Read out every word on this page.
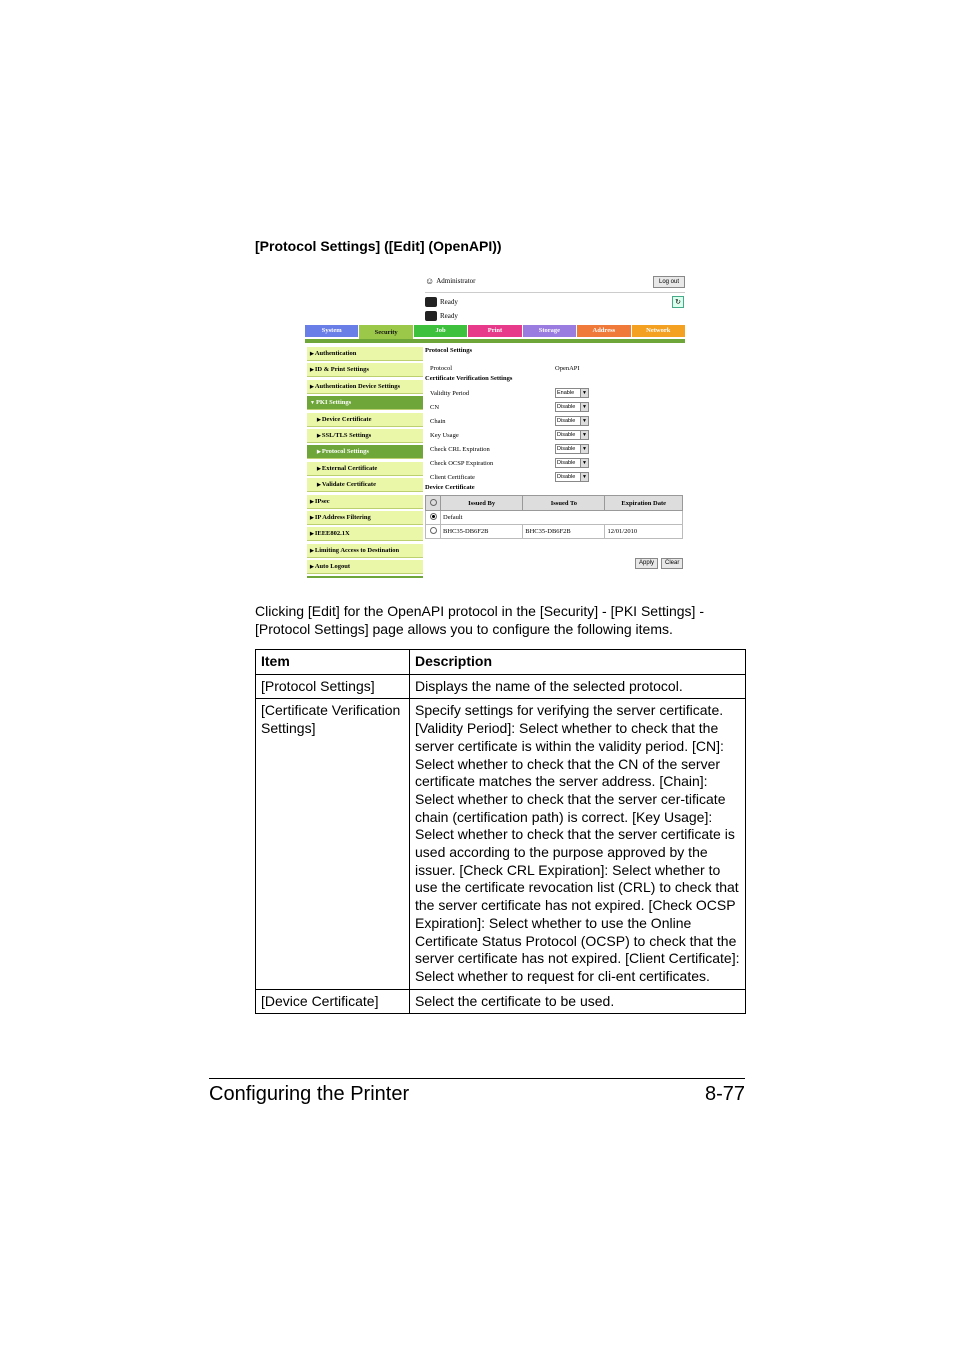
[Protocol Settings] ([Edit] (OpenAPI))
☺ Administrator	Log out
↻
Ready
Ready
System	Security	Job	Print	Storage	Address	Network
▶Authentication
▶ID & Print Settings
▶Authentication Device Settings
▼PKI Settings
▶Device Certificate
▶SSL/TLS Settings
▶Protocol Settings
▶External Certificate
▶Validate Certificate
▶IPsec
▶IP Address Filtering
▶IEEE802.1X
▶Limiting Access to Destination
▶Auto Logout
Protocol Settings
Protocol	OpenAPI
Certificate Verification Settings
Validity Period	Enable	▼
CN	Disable	▼
Chain	Disable	▼
Key Usage	Disable	▼
Check CRL Expiration	Disable	▼
Check OCSP Expiration	Disable	▼
Client Certificate	Disable	▼
Device Certificate
	Issued By	Issued To	Expiration Date
	Default		
	BHC35-DB6F2B	BHC35-DB6F2B	12/01/2010
Apply	Clear
Clicking [Edit] for the OpenAPI protocol in the [Security] - [PKI Settings] - [Protocol Settings] page allows you to configure the following items.
Item	Description
[Protocol Settings]	Displays the name of the selected protocol.
[Certificate Verification Settings]	Specify settings for verifying the server certificate. [Validity Period]: Select whether to check that the server certificate is within the validity period. [CN]: Select whether to check that the CN of the server certificate matches the server address. [Chain]: Select whether to check that the server cer-tificate chain (certification path) is correct. [Key Usage]: Select whether to check that the server certificate is used according to the purpose approved by the issuer. [Check CRL Expiration]: Select whether to use the certificate revocation list (CRL) to check that the server certificate has not expired. [Check OCSP Expiration]: Select whether to use the Online Certificate Status Protocol (OCSP) to check that the server certificate has not expired. [Client Certificate]: Select whether to request for cli-ent certificates.
[Device Certificate]	Select the certificate to be used.
Configuring the Printer	8-77
